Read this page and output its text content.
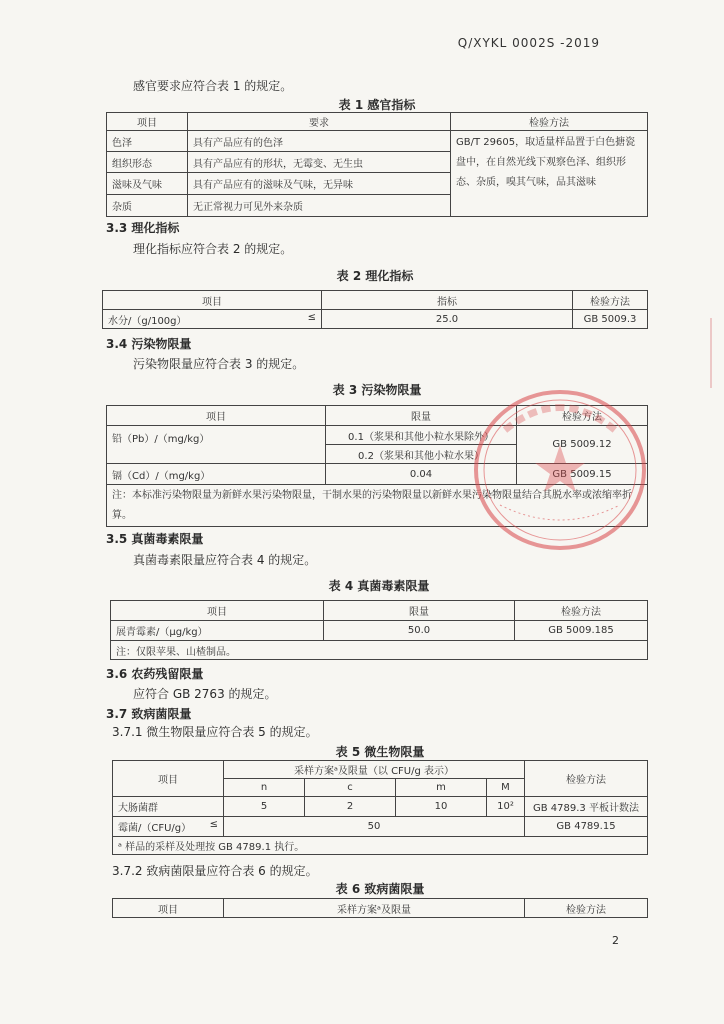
Q/XYKL 0002S -2019
感官要求应符合表 1 的规定。
表 1 感官指标
项目	要求	检验方法
色泽	具有产品应有的色泽	GB/T 29605，取适量样品置于白色搪瓷盘中，在自然光线下观察色泽、组织形态、杂质，嗅其气味，品其滋味
组织形态	具有产品应有的形状，无霉变、无生虫	
滋味及气味	具有产品应有的滋味及气味，无异味	
杂质	无正常视力可见外来杂质	
3.3 理化指标
理化指标应符合表 2 的规定。
表 2 理化指标
项目	指标	检验方法
水分/（g/100g） ≤	25.0	GB 5009.3
3.4 污染物限量
污染物限量应符合表 3 的规定。
表 3 污染物限量
项目	限量	检验方法
铅（Pb）/（mg/kg）	0.1（浆果和其他小粒水果除外）	GB 5009.12
	0.2（浆果和其他小粒水果）	
镉（Cd）/（mg/kg）	0.04	GB 5009.15
注：本标准污染物限量为新鲜水果污染物限量，干制水果的污染物限量以新鲜水果污染物限量结合其脱水率或浓缩率折算。		
3.5 真菌毒素限量
真菌毒素限量应符合表 4 的规定。
表 4 真菌毒素限量
项目	限量	检验方法
展青霉素/（μg/kg）	50.0	GB 5009.185
注：仅限苹果、山楂制品。		
3.6 农药残留限量
应符合 GB 2763 的规定。
3.7 致病菌限量
3.7.1 微生物限量应符合表 5 的规定。
表 5 微生物限量
项目	采样方案ᵃ及限量（以 CFU/g 表示）				检验方法
	n	c	m	M	
大肠菌群	5	2	10	10²	GB 4789.3 平板计数法
霉菌/（CFU/g） ≤	50				GB 4789.15
ᵃ 样品的采样及处理按 GB 4789.1 执行。					
3.7.2 致病菌限量应符合表 6 的规定。
表 6 致病菌限量
项目	采样方案ᵃ及限量	检验方法
2
